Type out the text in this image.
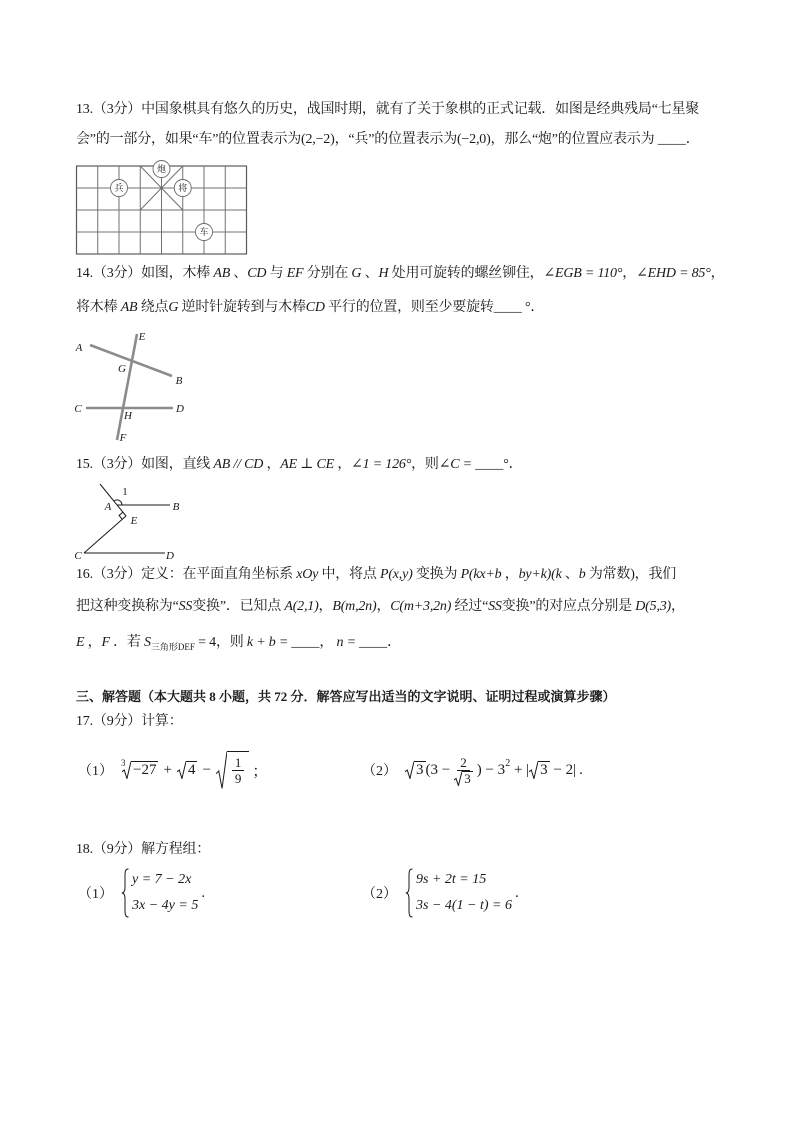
13.（3分）中国象棋具有悠久的历史，战国时期，就有了关于象棋的正式记载．如图是经典残局“七星聚
会”的一部分，如果“车”的位置表示为(2,−2)，“兵”的位置表示为(−2,0)，那么“炮”的位置应表示为 ____．
炮
兵	将
车
14.（3分）如图，木棒 AB 、CD 与 EF 分别在 G 、H 处用可旋转的螺丝铆住，∠EGB = 110°，∠EHD = 85°，
将木棒 AB 绕点G 逆时针旋转到与木棒CD 平行的位置，则至少要旋转____ °．
A
B
E
G
C	D
H
F
15.（3分）如图，直线 AB // CD ，AE ⊥ CE ，∠1 = 126°，则∠C = ____°．
1
A	B
E
C	D
16.（3分）定义：在平面直角坐标系 xOy 中，将点 P(x,y) 变换为 P(kx+b ，by+k)(k 、b 为常数)，我们
把这种变换称为“SS变换”．已知点 A(2,1)，B(m,2n)，C(m+3,2n) 经过“SS变换”的对应点分别是 D(5,3)，
E ，F ．若 $S_{三角形DEF} = 4$，则 k + b = ____， n = ____．
三、解答题（本大题共 8 小题，共 72 分．解答应写出适当的文字说明、证明过程或演算步骤）
17.（9分）计算：
（1）
$3 -27 + 4 - \frac{1}{9}$ ；	（2） 3 ($3 - \frac{2}{3}$ ) − 3 2 + | 3 − 2| .
18.（9分）解方程组：
（1）
y = 7 − 2x
3x − 4y = 5
.	（2）
9s + 2t = 15
3s − 4(1 − t) = 6
.
